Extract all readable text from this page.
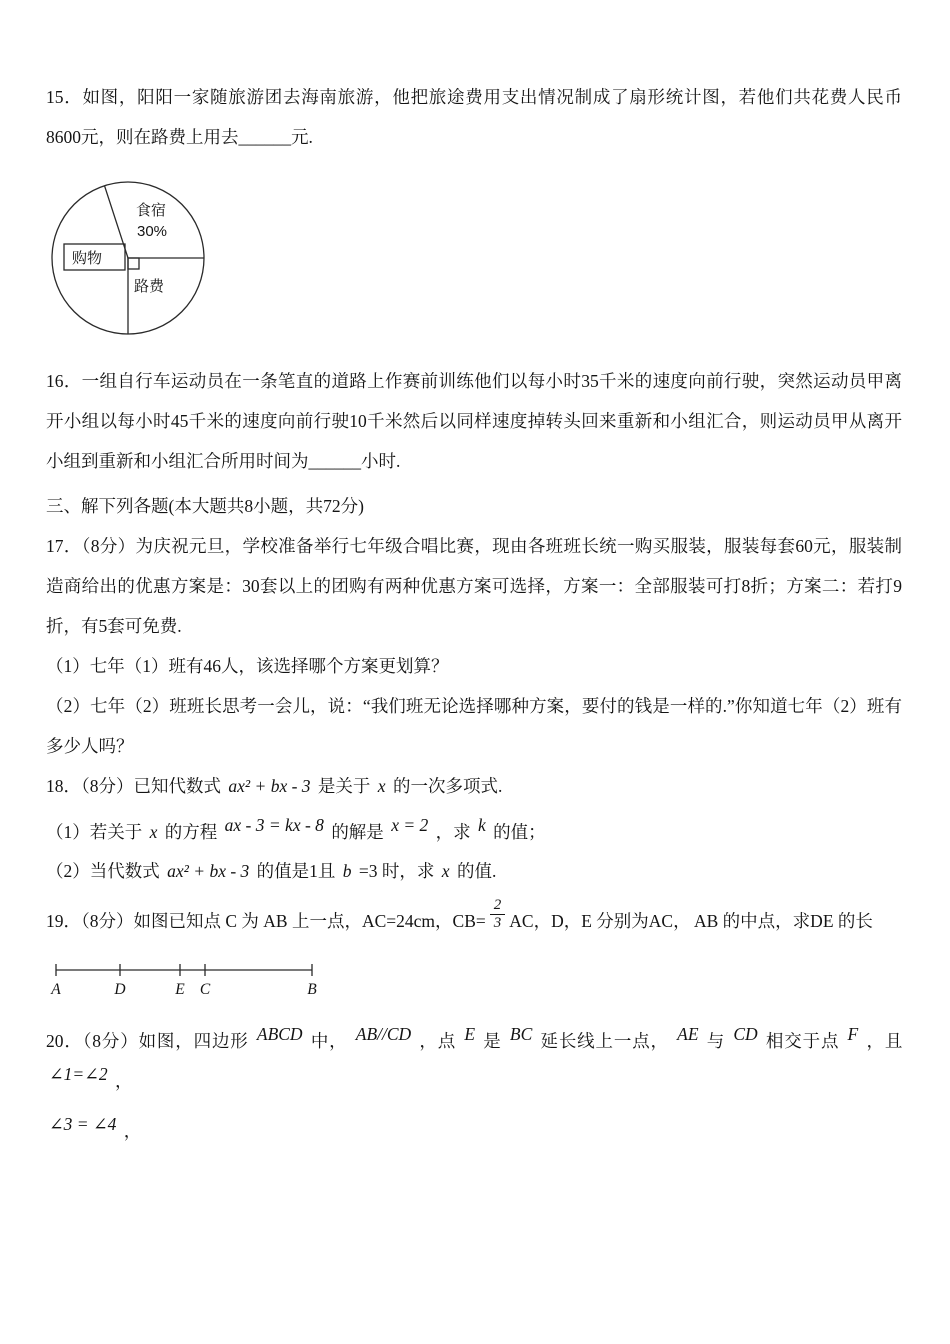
15．如图，阳阳一家随旅游团去海南旅游，他把旅途费用支出情况制成了扇形统计图，若他们共花费人民币8600元，则在路费上用去______元.

食宿
30%
购物
路费

16．一组自行车运动员在一条笔直的道路上作赛前训练他们以每小时35千米的速度向前行驶，突然运动员甲离开小组以每小时45千米的速度向前行驶10千米然后以同样速度掉转头回来重新和小组汇合，则运动员甲从离开小组到重新和小组汇合所用时间为______小时.

三、解下列各题(本大题共8小题，共72分)

17．（8分）为庆祝元旦，学校准备举行七年级合唱比赛，现由各班班长统一购买服装，服装每套60元，服装制造商给出的优惠方案是：30套以上的团购有两种优惠方案可选择，方案一：全部服装可打8折；方案二：若打9折，有5套可免费.

（1）七年（1）班有46人，该选择哪个方案更划算？

（2）七年（2）班班长思考一会儿，说：“我们班无论选择哪种方案，要付的钱是一样的.”你知道七年（2）班有多少人吗？

18．（8分）已知代数式 ax² + bx - 3 是关于 x 的一次多项式.

（1）若关于 x 的方程 ax - 3 = kx - 8 的解是 x = 2 ，求 k 的值；

（2）当代数式 ax² + bx - 3 的值是1且 b =3 时，求 x 的值.

19．（8分）如图已知点 C 为 AB 上一点，AC=24cm，$CB= \frac{2}{3}$ AC，D，E 分别为AC， AB 的中点，求DE 的长

A	D	E C	B

20．（8分）如图，四边形 ABCD 中， AB//CD ，点 E 是 BC 延长线上一点， AE 与 CD 相交于点 F ，且 ∠1=∠2 ，

∠3 = ∠4 ，
